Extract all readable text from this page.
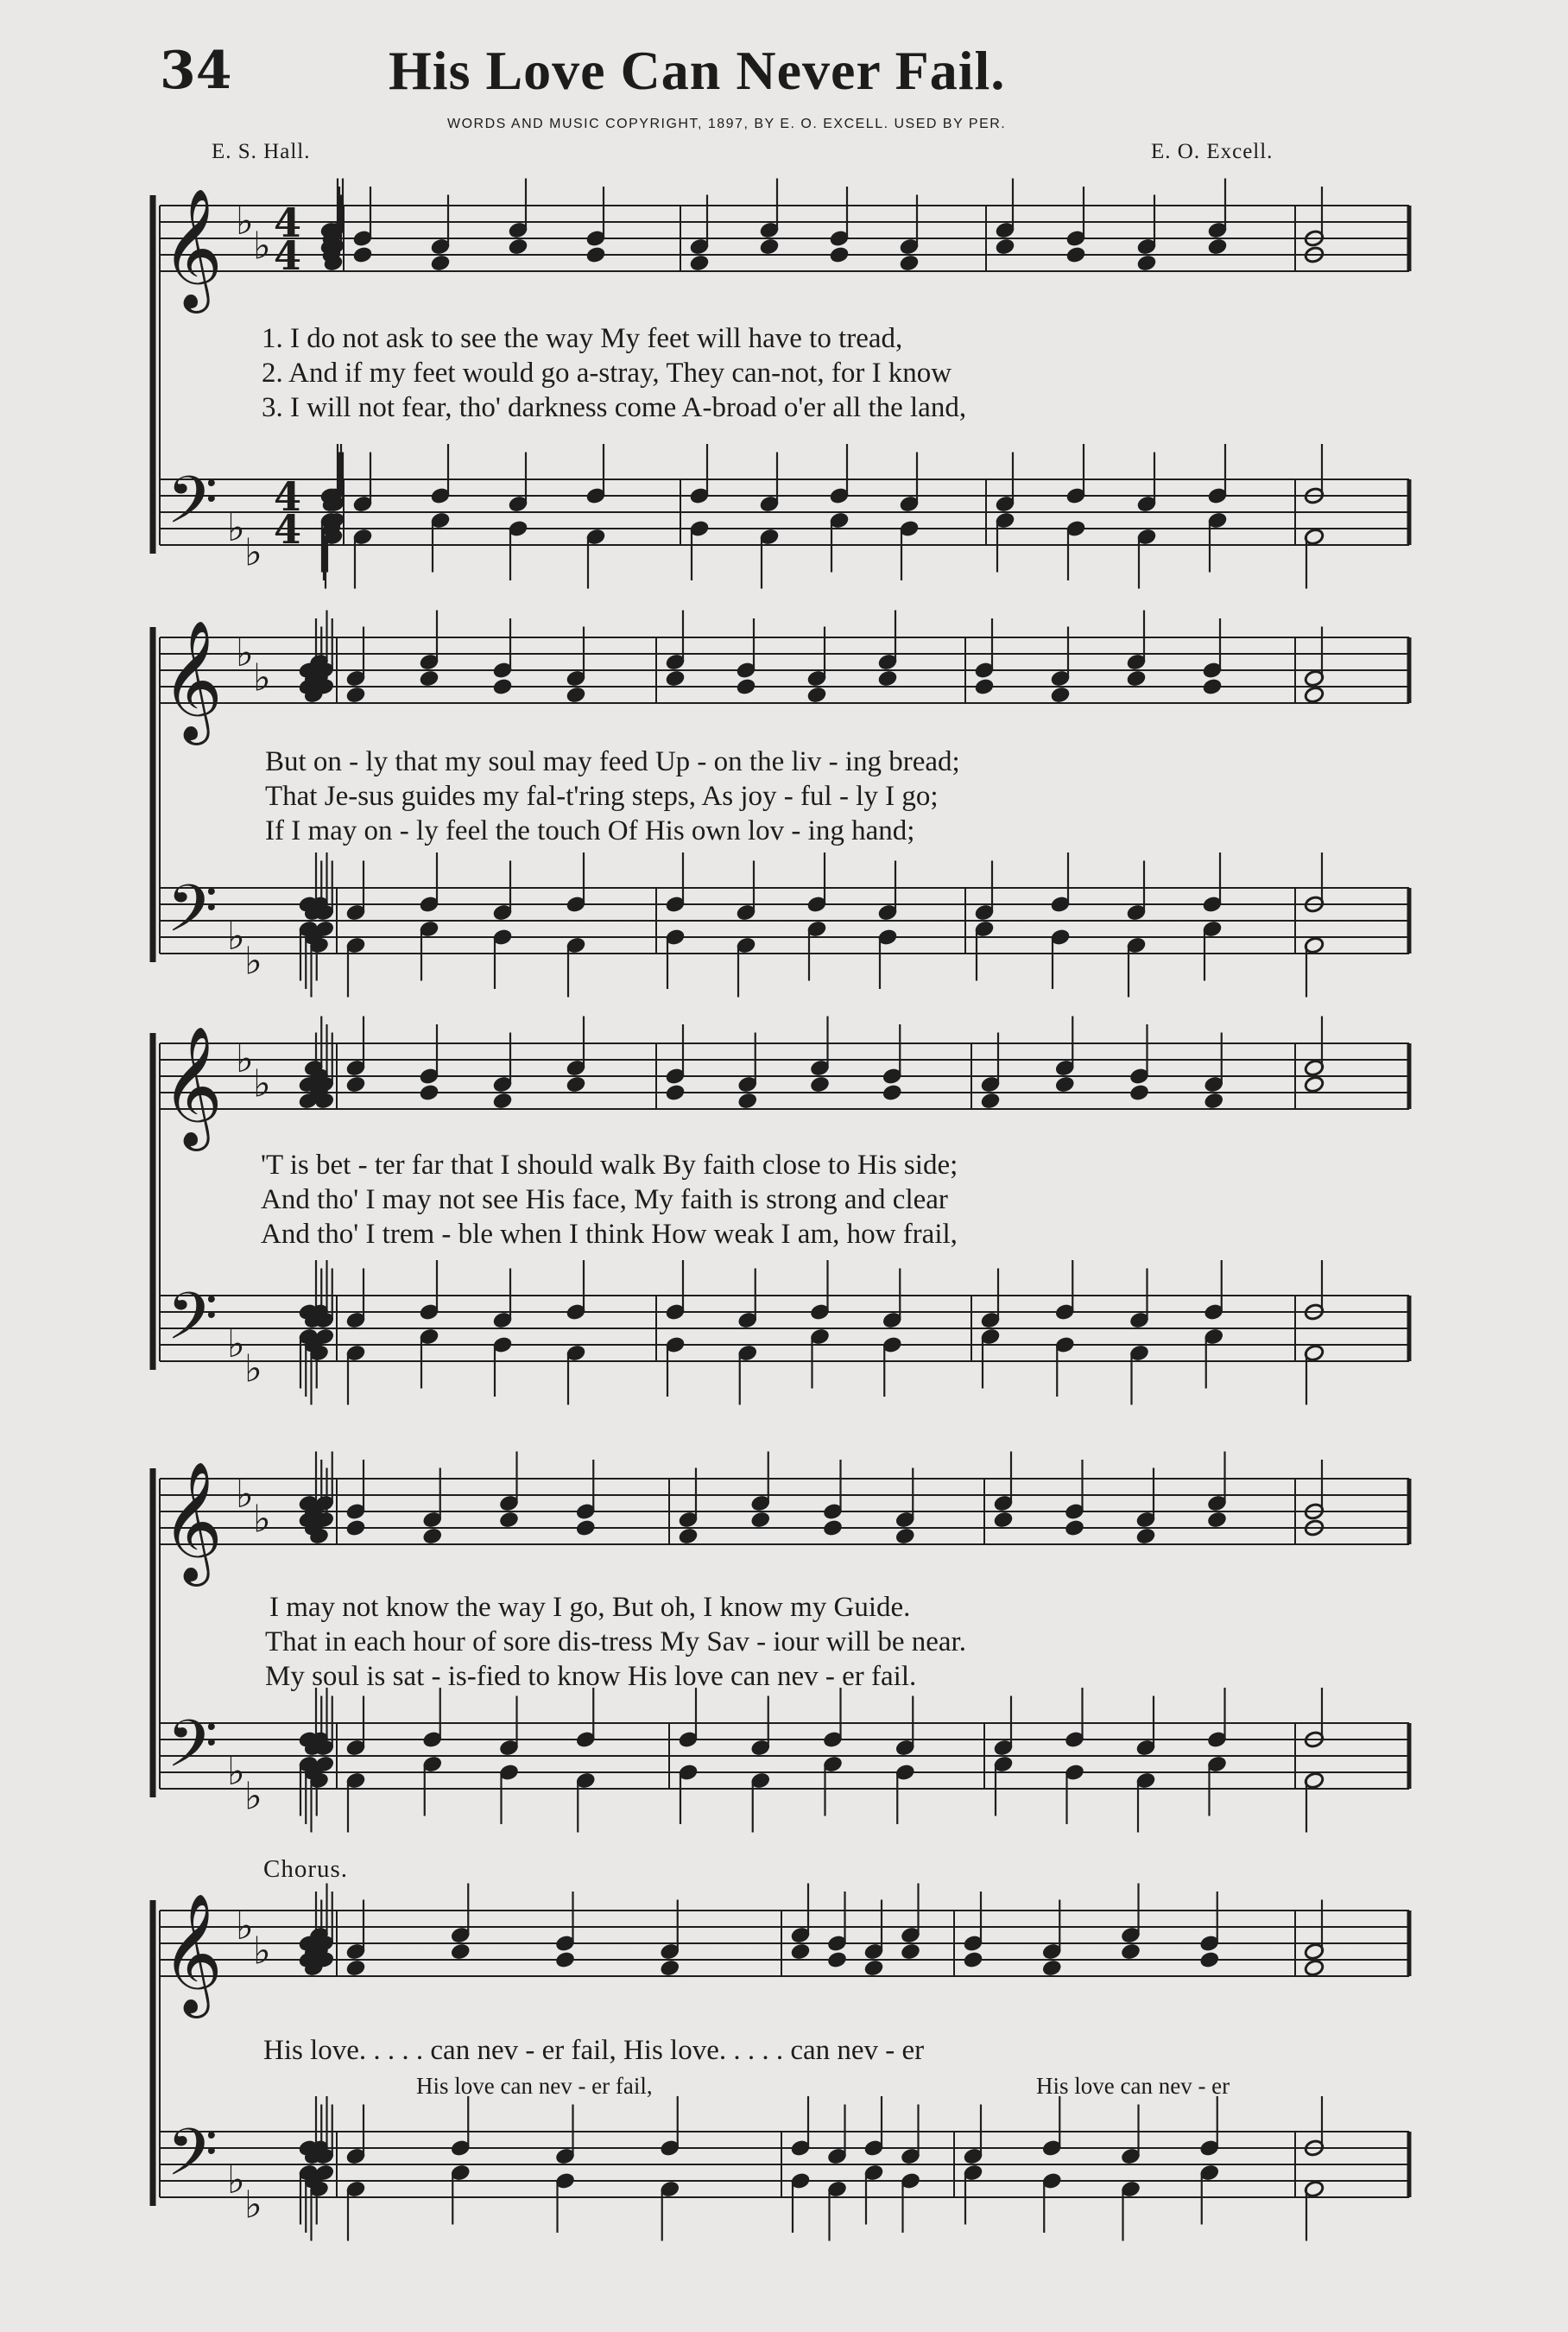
𝄞
𝄢
♭
♭
♭
♭
4
4
4
4
𝄞
𝄢
♭
♭
♭
♭
𝄞
𝄢
♭
♭
♭
♭
𝄞
𝄢
♭
♭
♭
♭
𝄞
𝄢
♭
♭
♭
♭
34	His Love Can Never Fail.
WORDS AND MUSIC COPYRIGHT, 1897, BY E. O. EXCELL. USED BY PER.
E. S. Hall.	E. O. Excell.
1. I do not ask to see the way My feet will have to tread,
2. And if my feet would go a-stray, They can-not, for I know
3. I will not fear, tho' darkness come A-broad o'er all the land,
But on - ly that my soul may feed Up - on the liv - ing bread;
That Je-sus guides my fal-t'ring steps, As joy - ful - ly I go;
If I may on - ly feel the touch Of His own lov - ing hand;
'T is bet - ter far that I should walk By faith close to His side;
And tho' I may not see His face, My faith is strong and clear
And tho' I trem - ble when I think How weak I am, how frail,
I may not know the way I go, But oh, I know my Guide.
That in each hour of sore dis-tress My Sav - iour will be near.
My soul is sat - is-fied to know His love can nev - er fail.
Chorus.
His love. . . . . can nev - er fail, His love. . . . . can nev - er
His love can nev - er fail,	His love can nev - er
